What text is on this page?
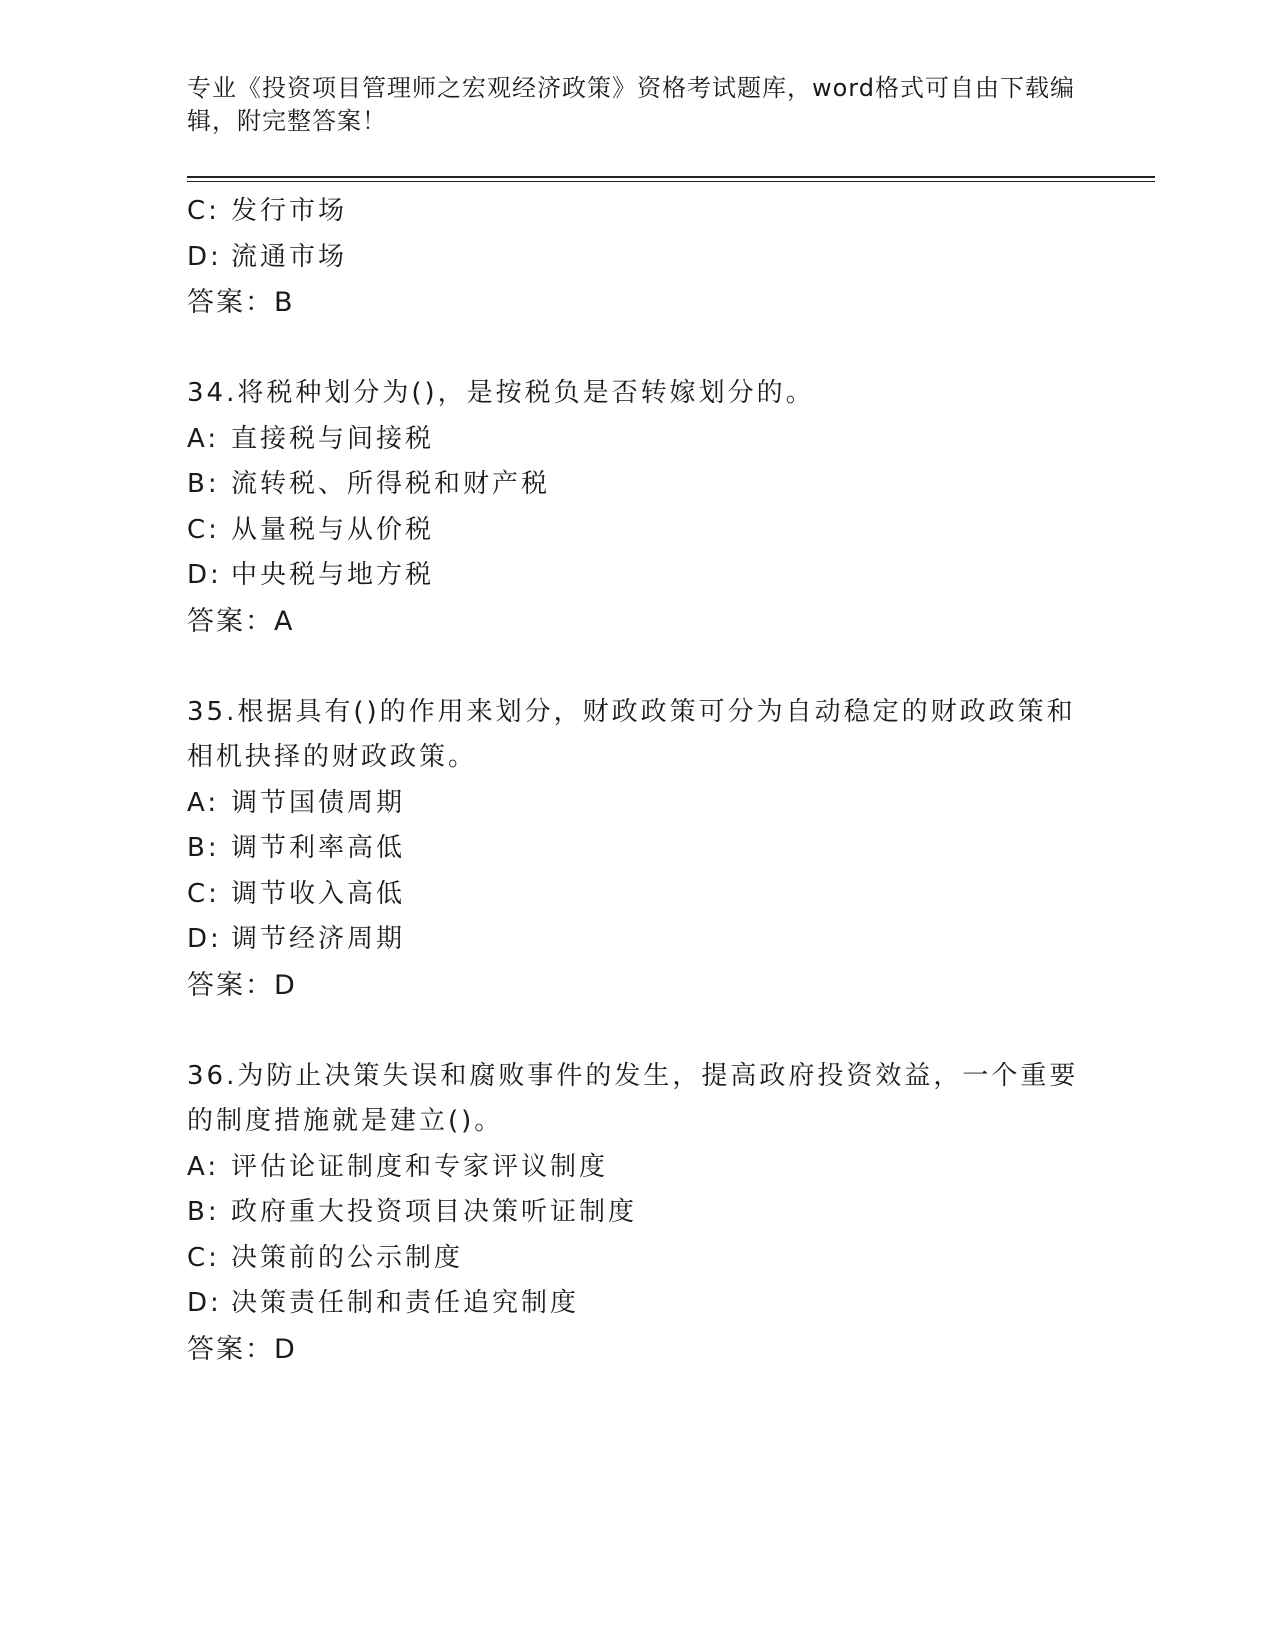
专业《投资项目管理师之宏观经济政策》资格考试题库，word格式可自由下载编辑，附完整答案！
C: 发行市场
D: 流通市场
答案：B
34.将税种划分为()，是按税负是否转嫁划分的。
A: 直接税与间接税
B: 流转税、所得税和财产税
C: 从量税与从价税
D: 中央税与地方税
答案：A
35.根据具有()的作用来划分，财政政策可分为自动稳定的财政政策和相机抉择的财政政策。
A: 调节国债周期
B: 调节利率高低
C: 调节收入高低
D: 调节经济周期
答案：D
36.为防止决策失误和腐败事件的发生，提高政府投资效益，一个重要的制度措施就是建立()。
A: 评估论证制度和专家评议制度
B: 政府重大投资项目决策听证制度
C: 决策前的公示制度
D: 决策责任制和责任追究制度
答案：D
